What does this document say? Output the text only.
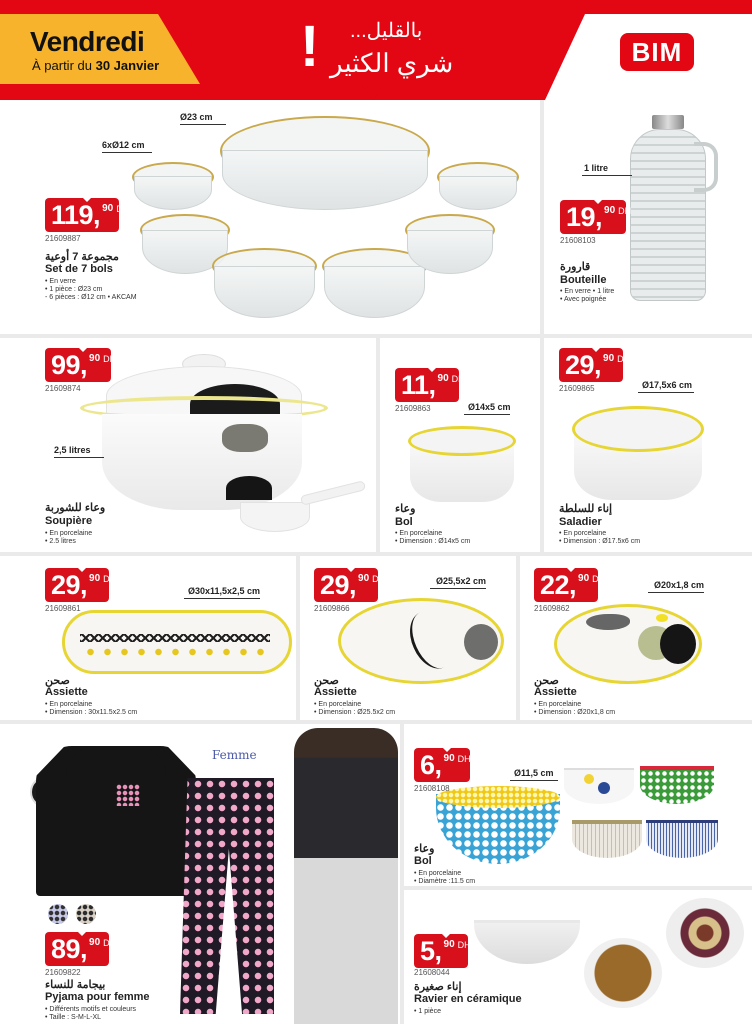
Vendredi
À partir du 30 Janvier ! بالقليل...
شري الكثير	BIM
Ø23 cm
6xØ12 cm
119, 90 DH
21609887
مجموعة 7 أوعية
Set de 7 bols
• En verre
• 1 pièce : Ø23 cm
- 6 pièces : Ø12 cm • AKCAM
1 litre
19, 90 DH
21608103
قارورة
Bouteille
• En verre • 1 litre
• Avec poignée
99, 90 DH
21609874
2,5 litres
وعاء للشوربة
Soupière
• En porcelaine
• 2.5 litres
11, 90 DH
21609863	Ø14x5 cm
وعاء
Bol
• En porcelaine
• Dimension : Ø14x5 cm
29, 90 DH
21609865	Ø17,5x6 cm
إناء للسلطة
Saladier
• En porcelaine
• Dimension : Ø17.5x6 cm
29, 90 DH
21609861
Ø30x11,5x2,5 cm
صحن
Assiette
• En porcelaine
• Dimension : 30x11.5x2.5 cm
29, 90 DH
21609866
Ø25,5x2 cm
صحن
Assiette
• En porcelaine
• Dimension : Ø25.5x2 cm
22, 90 DH
21609862
Ø20x1,8 cm
صحن
Assiette
• En porcelaine
• Dimension : Ø20x1,8 cm
Femme
89, 90 DH
21609822
بيجامة للنساء
Pyjama pour femme
• Différents motifs et couleurs
• Taille : S-M-L-XL
6, 90 DH
21608108
Ø11,5 cm
وعاء
Bol
• En porcelaine
• Diamètre :11.5 cm
5, 90 DH
21608044
إناء صغيرة
Ravier en céramique
• 1 pièce
